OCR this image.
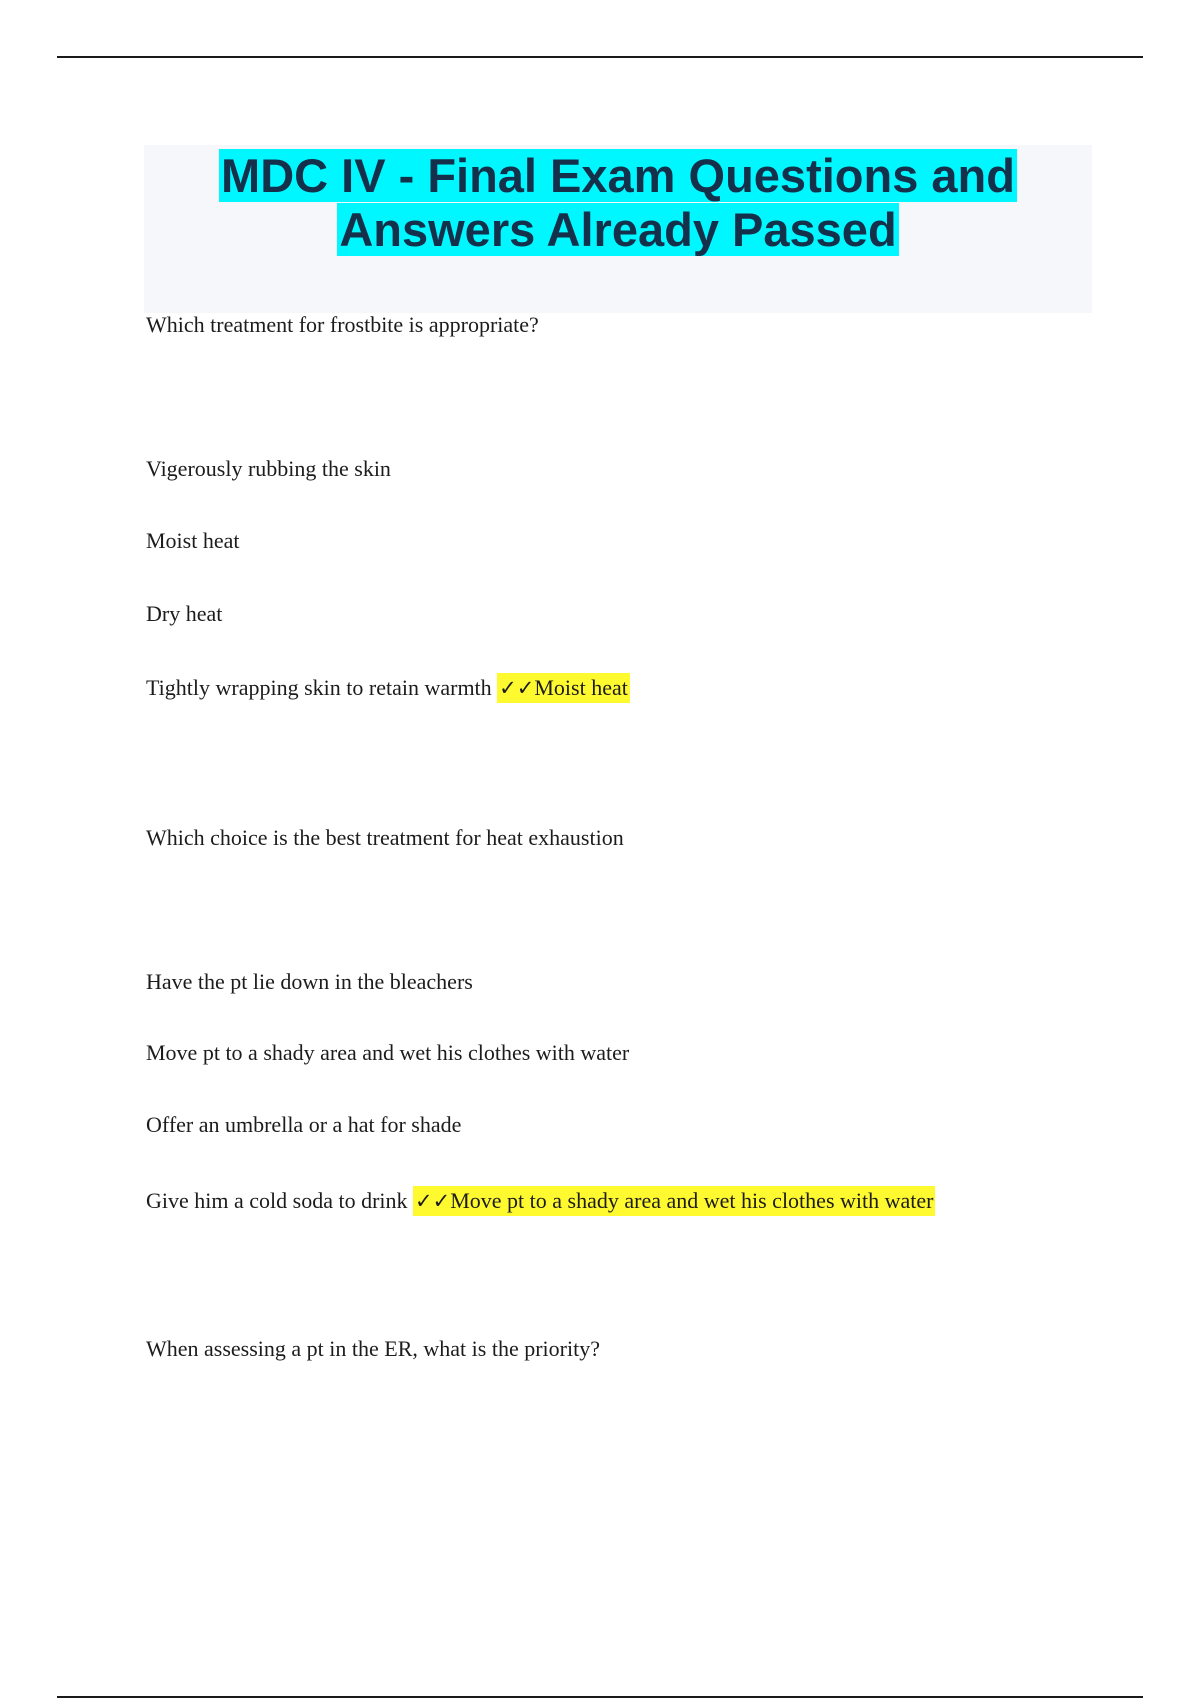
MDC IV - Final Exam Questions and
Answers Already Passed
Which treatment for frostbite is appropriate?
Vigerously rubbing the skin
Moist heat
Dry heat
Tightly wrapping skin to retain warmth ✓✓Moist heat
Which choice is the best treatment for heat exhaustion
Have the pt lie down in the bleachers
Move pt to a shady area and wet his clothes with water
Offer an umbrella or a hat for shade
Give him a cold soda to drink ✓✓Move pt to a shady area and wet his clothes with water
When assessing a pt in the ER, what is the priority?
